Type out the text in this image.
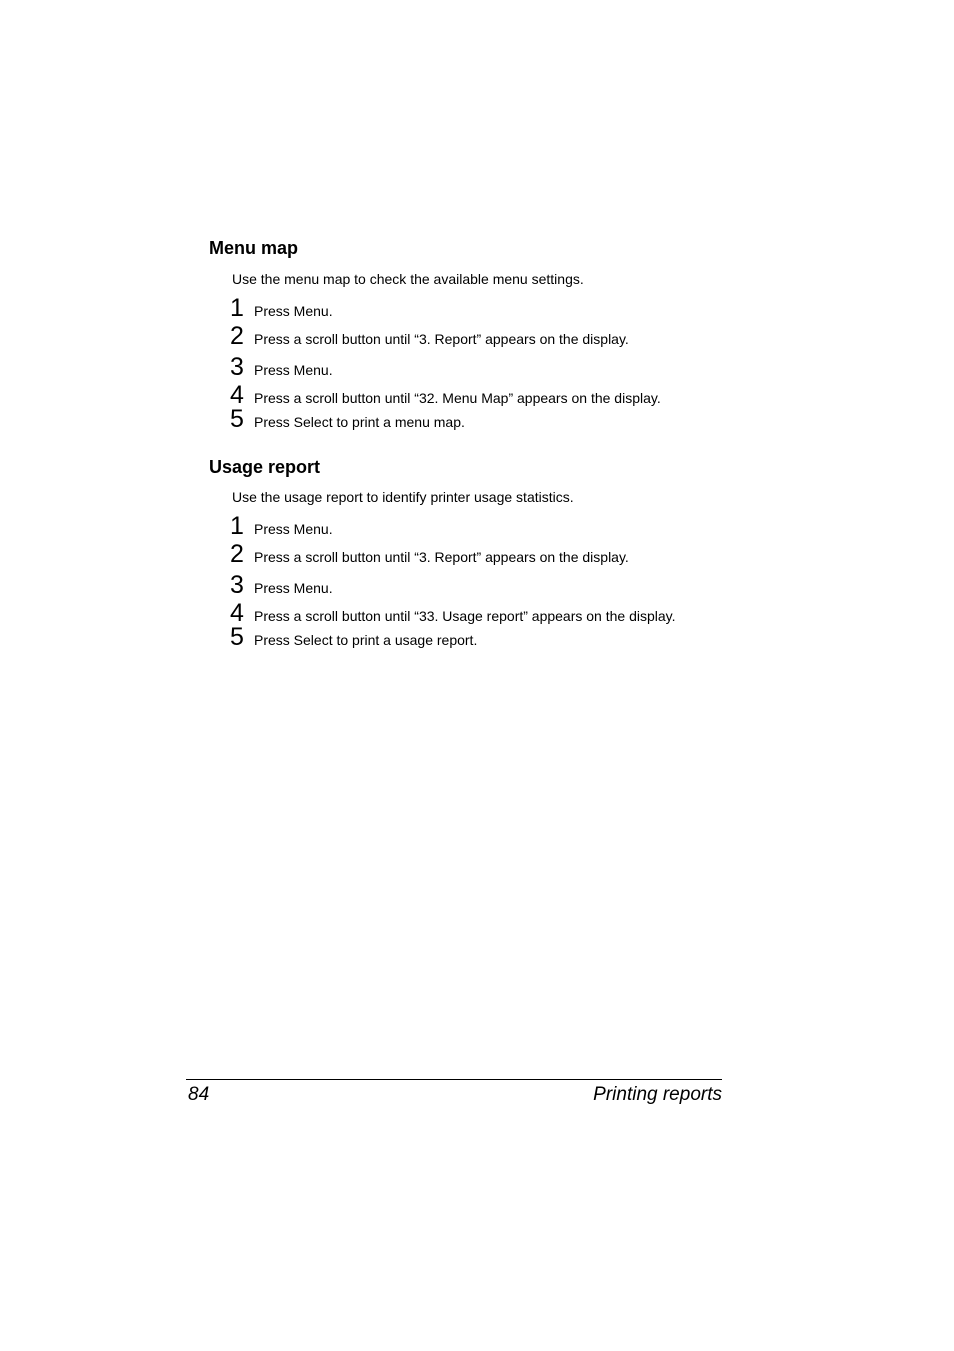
Menu map

Use the menu map to check the available menu settings.

1 Press Menu.
2 Press a scroll button until “3. Report” appears on the display.
3 Press Menu.
4 Press a scroll button until “32. Menu Map” appears on the display.
5 Press Select to print a menu map.
Usage report

Use the usage report to identify printer usage statistics.

1 Press Menu.
2 Press a scroll button until “3. Report” appears on the display.
3 Press Menu.
4 Press a scroll button until “33. Usage report” appears on the display.
5 Press Select to print a usage report.
84	Printing reports
